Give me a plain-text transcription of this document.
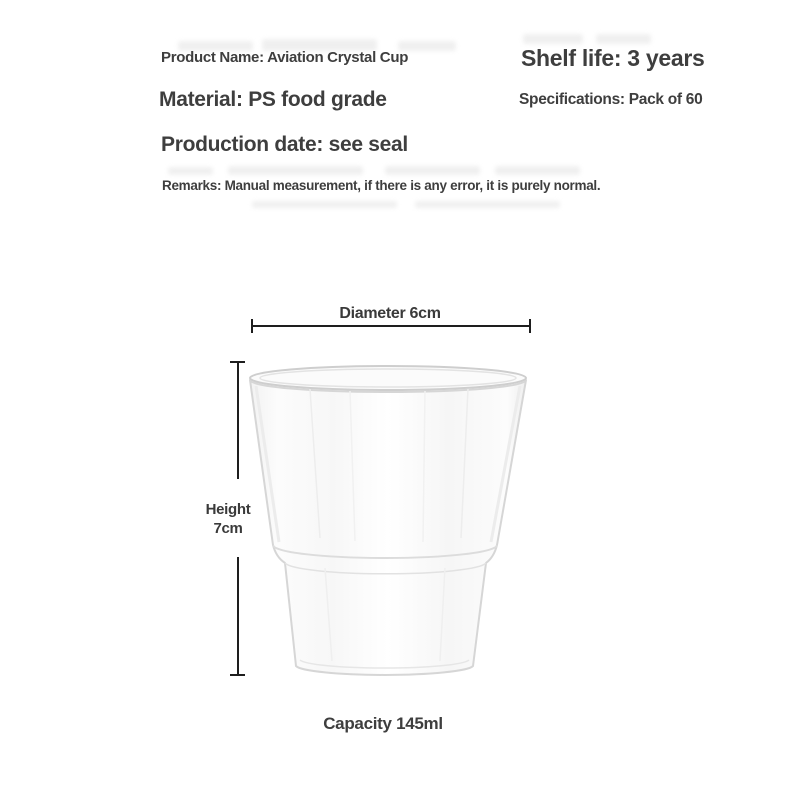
Product Name: Aviation Crystal Cup
Material: PS food grade
Production date: see seal
Remarks: Manual measurement, if there is any error, it is purely normal.
Shelf life: 3 years
Specifications: Pack of 60
Diameter 6cm
Height
7cm
Capacity 145ml
